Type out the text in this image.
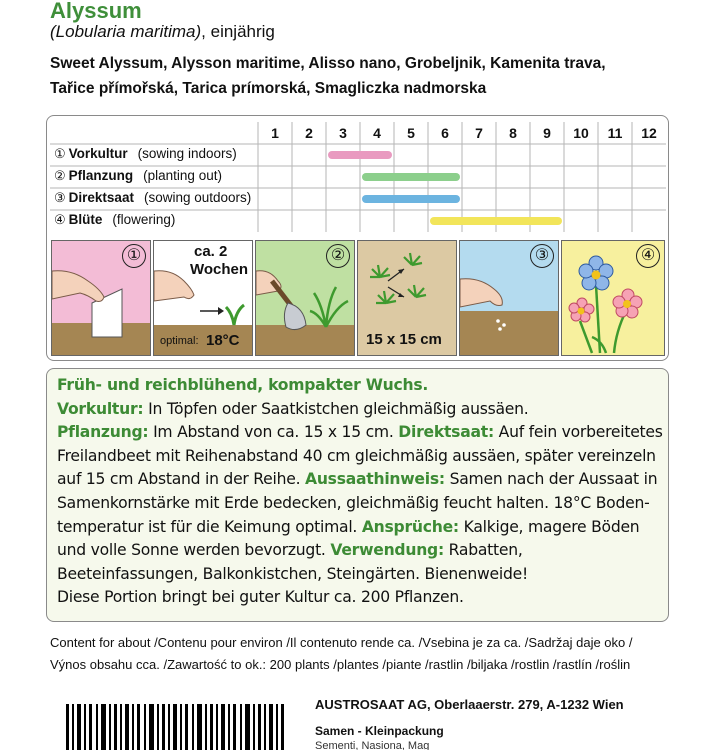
Alyssum
(Lobularia maritima), einjährig
Sweet Alyssum, Alysson maritime, Alisso nano, Grobeljnik, Kamenita trava,
Tařice přímořská, Tarica prímorská, Smagliczka nadmorska
1	2	3	4	5	6	7	8	9	10	11	12
① Vorkultur (sowing indoors)
② Pflanzung (planting out)
③ Direktsaat (sowing outdoors)
④ Blüte (flowering)
①	ca. 2
Wochen
optimal: 18°C
②
15 x 15 cm
③	④

Früh- und reichblühend, kompakter Wuchs.

Vorkultur: In Töpfen oder Saatkistchen gleichmäßig aussäen.

Pflanzung: Im Abstand von ca. 15 x 15 cm. Direktsaat: Auf fein vorbereitetes

Freilandbeet mit Reihenabstand 40 cm gleichmäßig aussäen, später vereinzeln

auf 15 cm Abstand in der Reihe. Aussaathinweis: Samen nach der Aussaat in

Samenkornstärke mit Erde bedecken, gleichmäßig feucht halten. 18°C Boden-

temperatur ist für die Keimung optimal. Ansprüche: Kalkige, magere Böden

und volle Sonne werden bevorzugt. Verwendung: Rabatten,

Beeteinfassungen, Balkonkistchen, Steingärten. Bienenweide!

Diese Portion bringt bei guter Kultur ca. 200 Pflanzen.

Content for about /Contenu pour environ /Il contenuto rende ca. /Vsebina je za ca. /Sadržaj daje oko /
Výnos obsahu cca. /Zawartość to ok.: 200 plants /plantes /piante /rastlin /biljaka /rostlin /rastlín /roślin
AUSTROSAAT AG, Oberlaaerstr. 279, A-1232 Wien
Samen - Kleinpackung
Sementi, Nasiona, Mag
